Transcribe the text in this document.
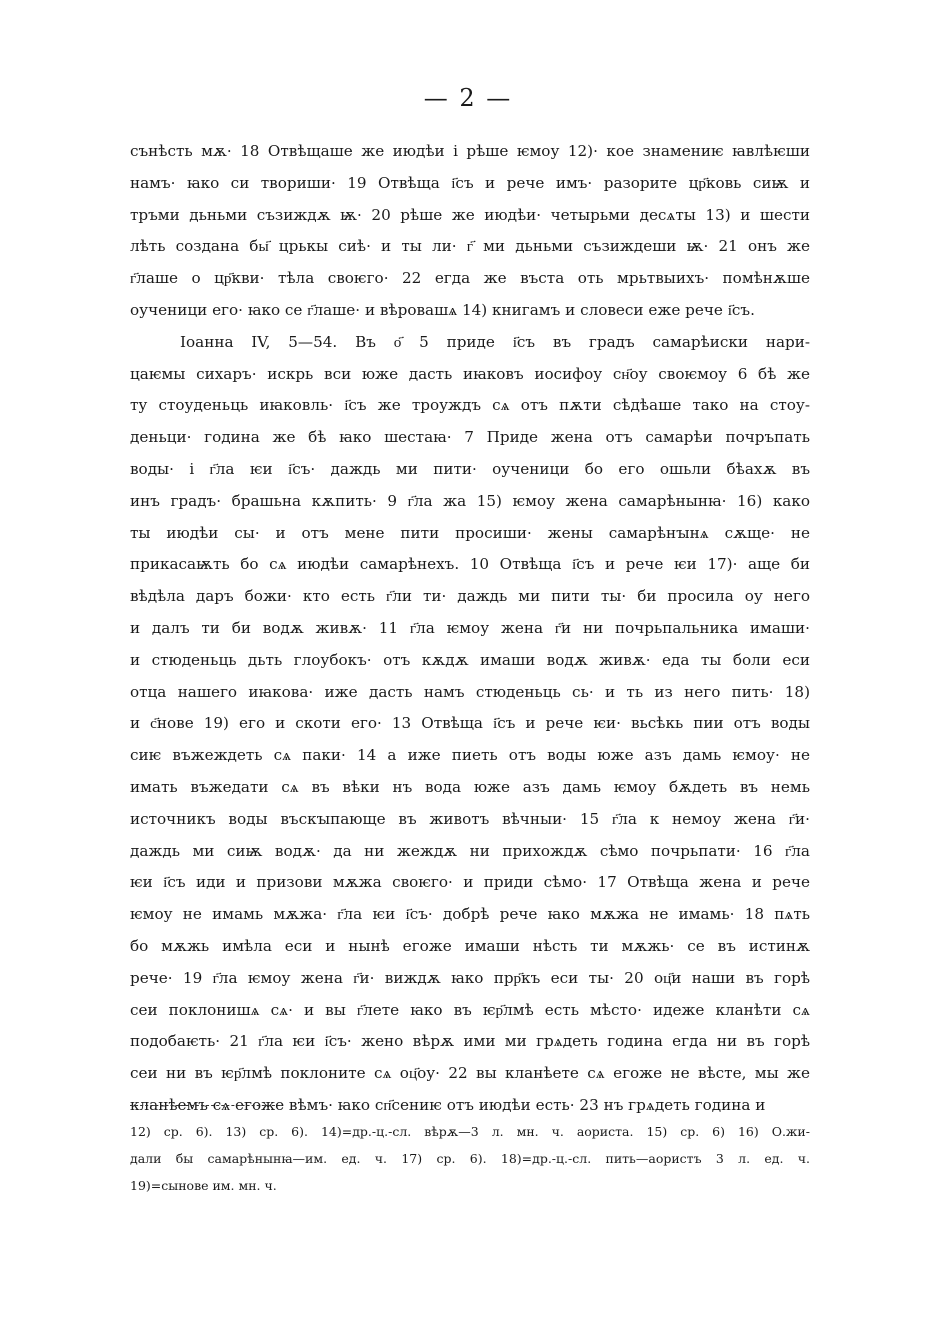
— 2 —
сънѣсть мѫ· 18 Отвѣщаше же июдѣи і рѣше ѥмоу 12)· кое знамениѥ ꙗвлѣѥши
намъ· ꙗко си твориши· 19 Отвѣща і҃съ и рече имъ· разорите цр҃ковь сиѭ и
тръми дьньми съзиждѫ ѭ· 20 рѣше же июдѣи· четырьми десѧты 13) и шести
лѣть создана бы҃ црькы сиѣ· и ты ли· г҃ ми дьньми съзиждеши ѭ· 21 онъ же
г҃лаше о цр҃кви· тѣла своѥго· 22 егда же въста оть мрьтвыихъ· помѣнѫше
оученици его· ꙗко се г҃лаше· и вѣровашѧ 14) книгамъ и словеси еже рече і҃съ.
Іоанна IV, 5—54. Въ о҃ 5 приде і҃съ въ градъ самарѣиски нари-
цаѥмы сихаръ· искрь вси юже дасть иꙗковъ иосифоу сн҃оу своѥмоу 6 бѣ же
ту стоуденьць иꙗковль· і҃съ же троуждъ сѧ отъ пѫти сѣдѣаше тако на стоу-
деньци· година же бѣ ꙗко шестаꙗ· 7 Приде жена отъ самарѣи почръпать
воды· і г҃ла ѥи і҃съ· даждь ми пити· оученици бо его ошьли бѣахѫ въ
инъ градъ· брашьна кѫпить· 9 г҃ла жа 15) ѥмоу жена самарѣнынꙗ· 16) како
ты июдѣи сы· и отъ мене пити просиши· жены самарѣнꙑнѧ сѫще· не
прикасаѭть бо сѧ июдѣи самарѣнехъ. 10 Отвѣща і҃съ и рече ѥи 17)· аще би
вѣдѣла даръ божи· кто есть г҃ли ти· даждь ми пити ты· би просила оу него
и далъ ти би водѫ живѫ· 11 г҃ла ѥмоу жена г҃и ни почрьпальника имаши·
и стюденьць дьть глоубокъ· отъ кѫдѫ имаши водѫ живѫ· еда ты боли еси
отца нашего иꙗкова· иже дасть намъ стюденьць сь· и ть из него пить· 18)
и с҃нове 19) его и скоти его· 13 Отвѣща і҃съ и рече ѥи· вьсѣкь пии отъ воды
сиѥ въжеждеть сѧ паки· 14 а иже пиеть отъ воды юже азъ дамь ѥмоу· не
имать въжедати сѧ въ вѣки нъ вода юже азъ дамь ѥмоу бѫдеть въ немь
источникъ воды въскꙑпающе въ животъ вѣчныи· 15 г҃ла к немоу жена г҃и·
даждь ми сиѭ водѫ· да ни жеждѫ ни прихождѫ сѣмо почрьпати· 16 г҃ла
ѥи і҃съ иди и призови мѫжа своѥго· и приди сѣмо· 17 Отвѣща жена и рече
ѥмоу не имамь мѫжа· г҃ла ѥи і҃съ· добрѣ рече ꙗко мѫжа не имамь· 18 пѧть
бо мѫжь имѣла еси и нынѣ егоже имаши нѣсть ти мѫжь· се въ истинѫ
рече· 19 г҃ла ѥмоу жена г҃и· виждѫ ꙗко прр҃къ еси ты· 20 оц҃и наши въ горѣ
сеи поклонишѧ сѧ· и вы г҃лете ꙗко въ ѥр҃лмѣ есть мѣсто· идеже кланѣти сѧ
подобаѥть· 21 г҃ла ѥи і҃съ· жено вѣрѫ ими ми грѧдеть година егда ни въ горѣ
сеи ни въ ѥр҃лмѣ поклоните сѧ оц҃оу· 22 вы кланѣете сѧ егоже не вѣсте, мы же
кланѣемъ сѧ егоже вѣмъ· ꙗко сп҃сениѥ отъ июдѣи есть· 23 нъ грѧдеть година и
12) ср. 6). 13) ср. 6). 14)=др.-ц.-сл. вѣрѫ—3 л. мн. ч. аориста. 15) ср. 6) 16) О.жи-
дали бы самарѣнынꙗ—им. ед. ч. 17) ср. 6). 18)=др.-ц.-сл. пить—аористъ 3 л. ед. ч.
19)=сынове им. мн. ч.
